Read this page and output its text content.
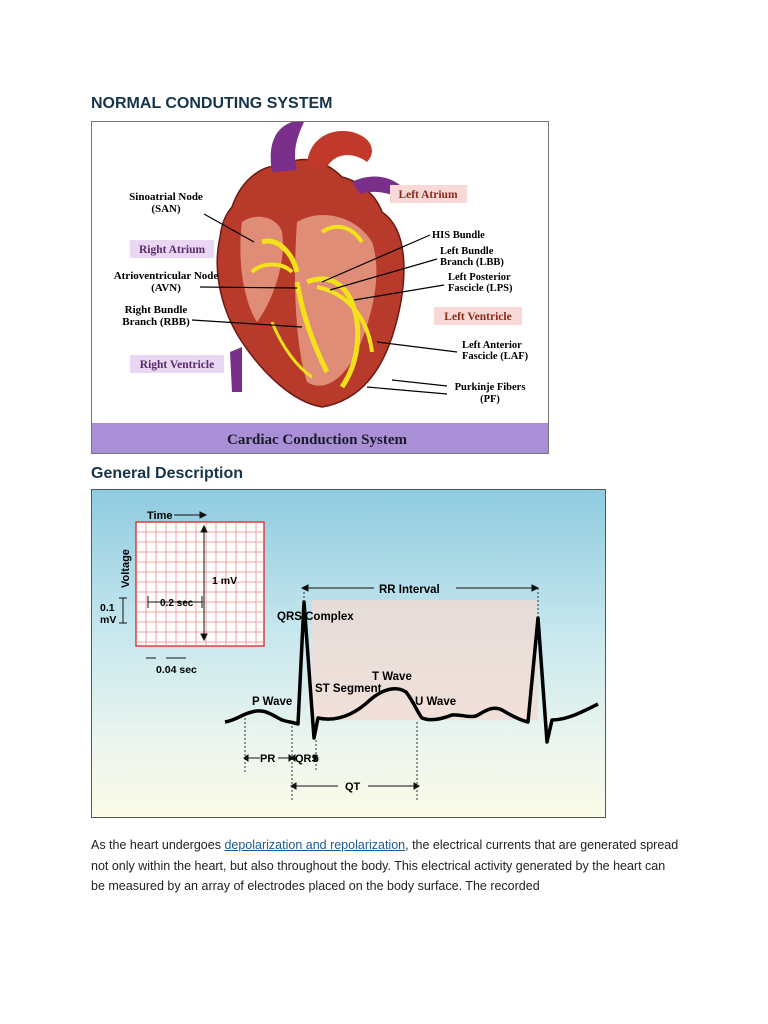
NORMAL CONDUTING SYSTEM
Sinoatrial Node
(SAN)
Right Atrium
Atrioventricular Node
(AVN)
Right Bundle
Branch (RBB)
Right Ventricle
Left Atrium
HIS Bundle
Left Bundle
Branch (LBB)
Left Posterior
Fascicle (LPS)
Left Ventricle
Left Anterior
Fascicle (LAF)
Purkinje Fibers
(PF)
Cardiac Conduction System
General Description
Time
Voltage	1 mV
0.1
mV
0.2 sec
0.04 sec
RR Interval
QRS Complex
T Wave
ST Segment
P Wave	U Wave
PR QRS
QT
As the heart undergoes depolarization and repolarization, the electrical currents that are generated spread not only within the heart, but also throughout the body. This electrical activity generated by the heart can be measured by an array of electrodes placed on the body surface. The recorded
